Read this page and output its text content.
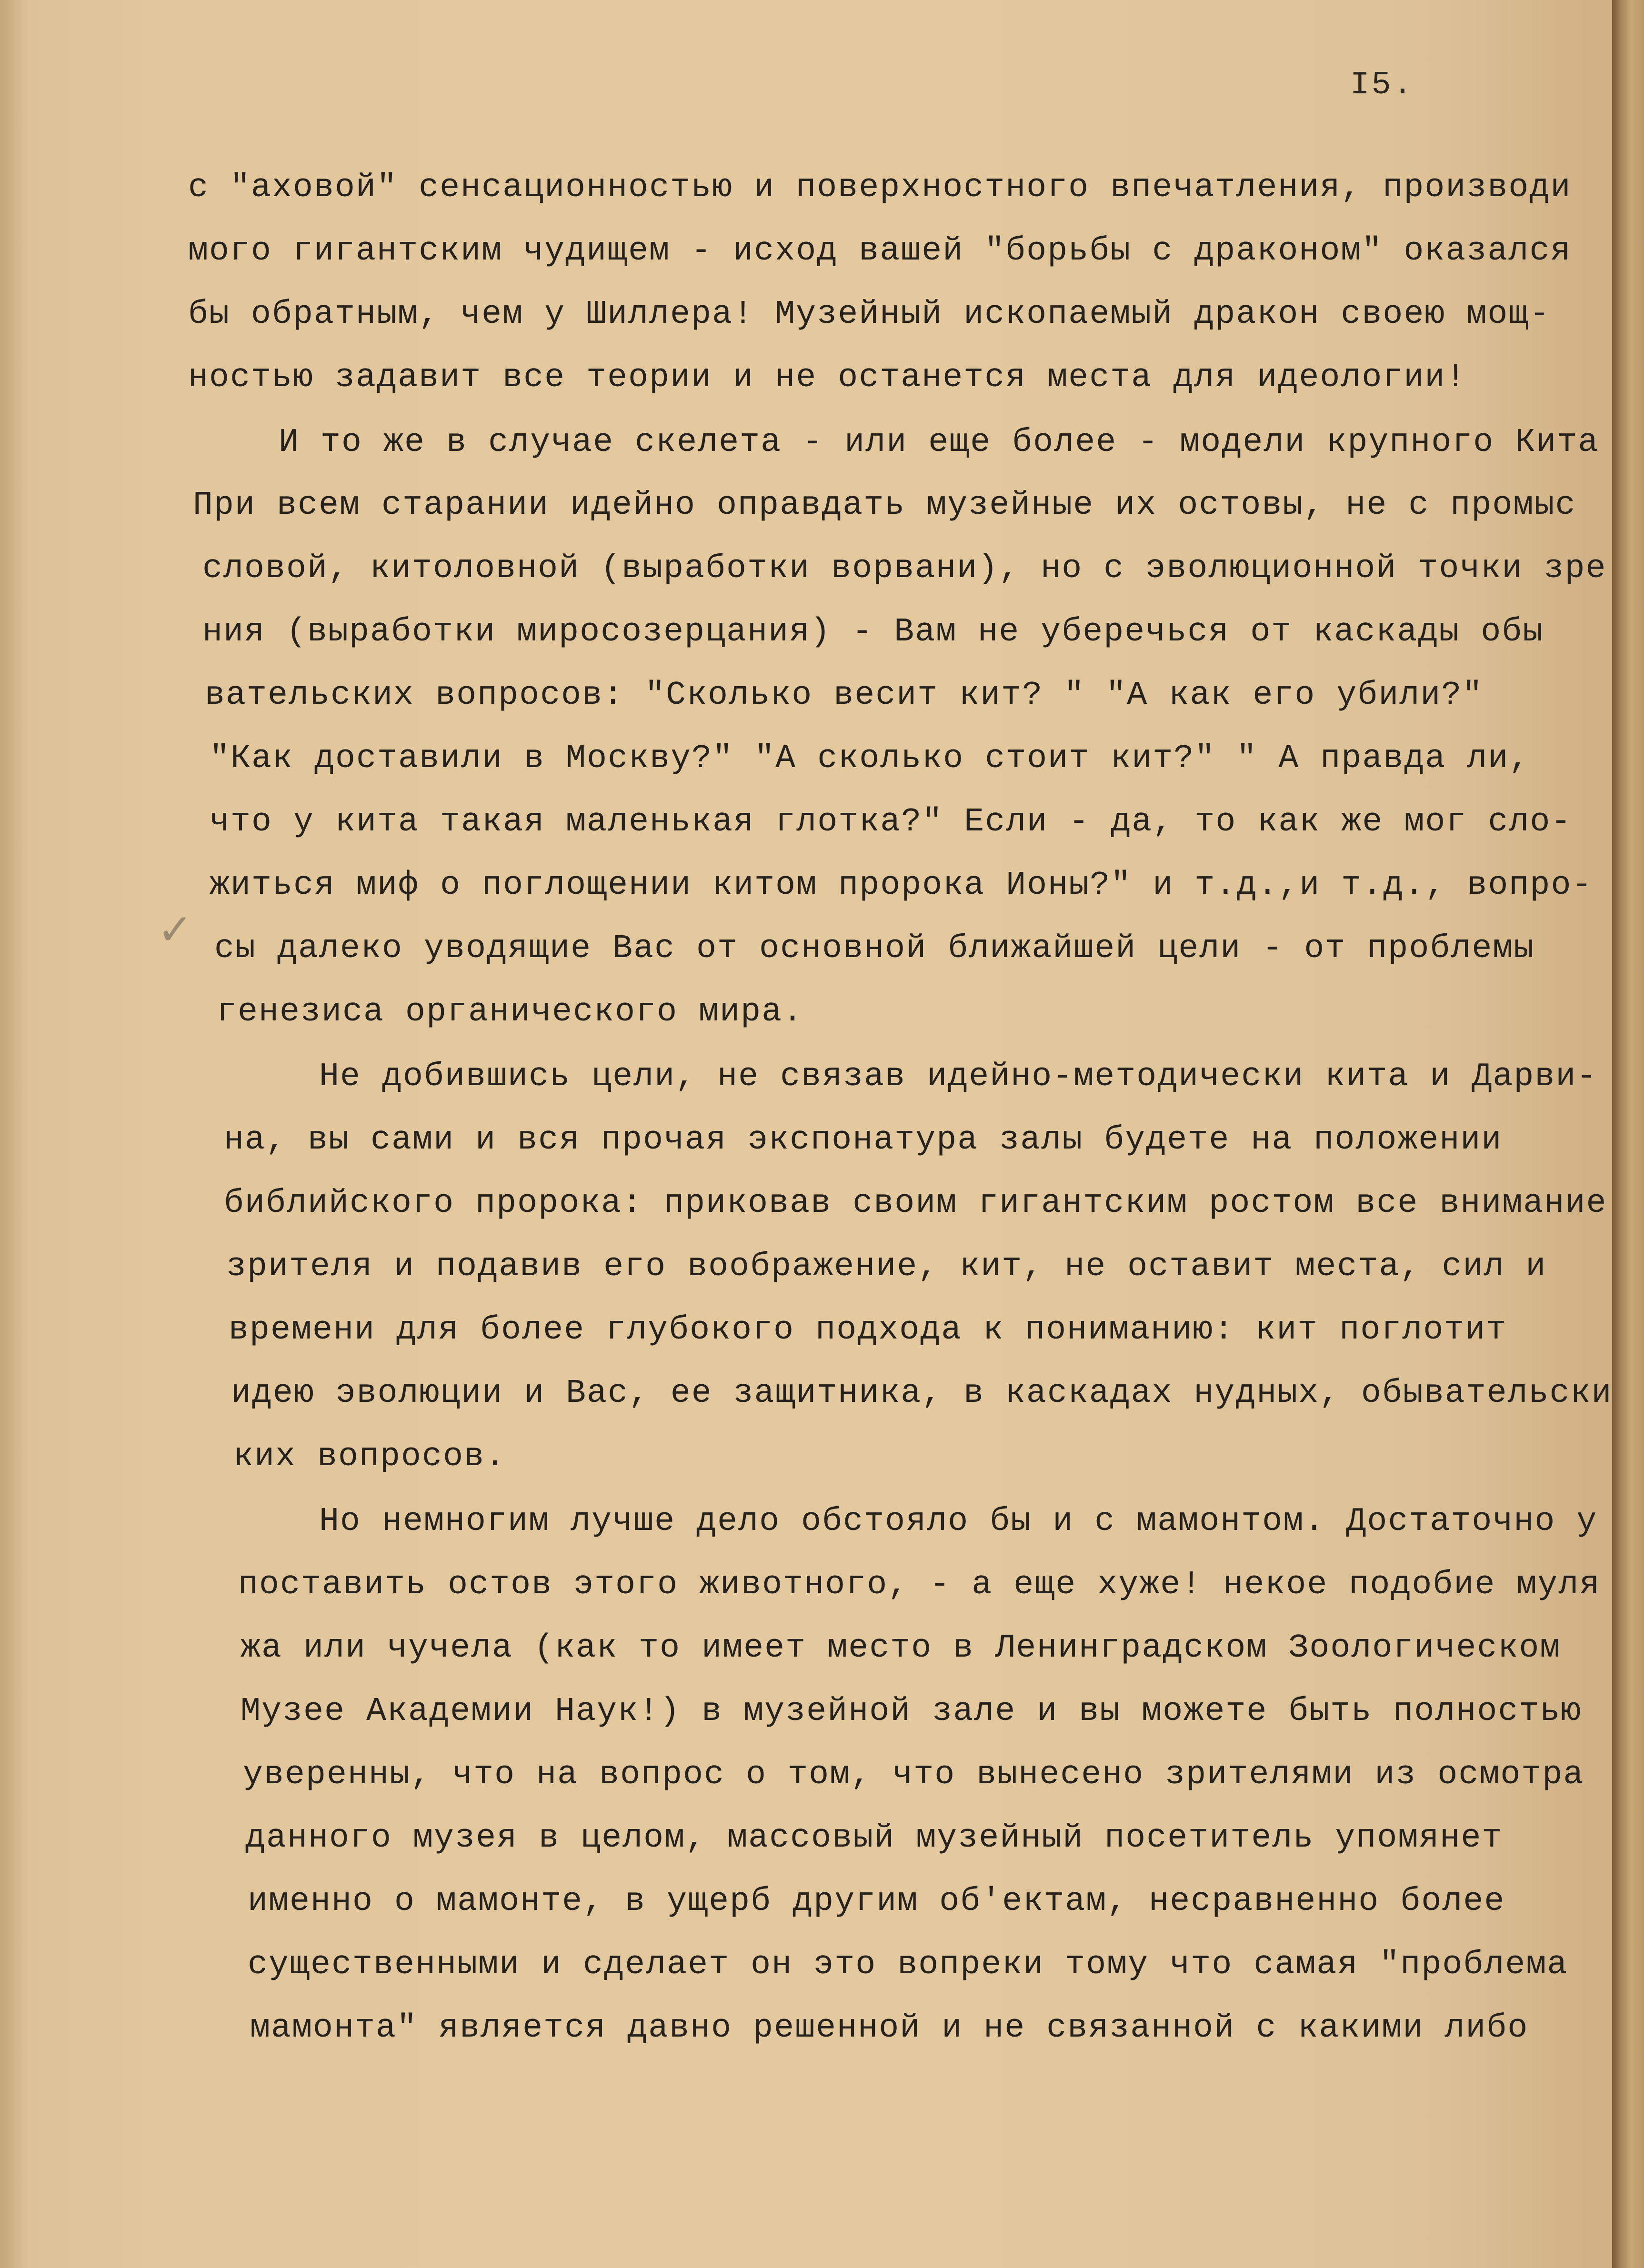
I5.
✓
с "аховой" сенсационностью и поверхностного впечатления, производи
мого гигантским чудищем - исход вашей "борьбы с драконом" оказался
бы обратным, чем у Шиллера! Музейный ископаемый дракон своею мощ-
ностью задавит все теории и не останется места для идеологии!
И то же в случае скелета - или еще более - модели крупного Кита
При всем старании идейно оправдать музейные их остовы, не с промыс
словой, китоловной (выработки ворвани), но с эволюционной точки зре
ния (выработки миросозерцания) - Вам не уберечься от каскады обы
вательских вопросов: "Сколько весит кит? " "А как его убили?"
"Как доставили в Москву?" "А сколько стоит кит?" " А правда ли,
что у кита такая маленькая глотка?" Если - да, то как же мог сло-
житься миф о поглощении китом пророка Ионы?" и т.д.,и т.д., вопро-
сы далеко уводящие Вас от основной ближайшей цели - от проблемы
генезиса органического мира.
Не добившись цели, не связав идейно-методически кита и Дарви-
на, вы сами и вся прочая экспонатура залы будете на положении
библийского пророка: приковав своим гигантским ростом все внимание
зрителя и подавив его воображение, кит, не оставит места, сил и
времени для более глубокого подхода к пониманию: кит поглотит
идею эволюции и Вас, ее защитника, в каскадах нудных, обывательски
ких вопросов.
Но немногим лучше дело обстояло бы и с мамонтом. Достаточно у
поставить остов этого животного, - а еще хуже! некое подобие муля
жа или чучела (как то имеет место в Ленинградском Зоологическом
Музее Академии Наук!) в музейной зале и вы можете быть полностью
уверенны, что на вопрос о том, что вынесено зрителями из осмотра
данного музея в целом, массовый музейный посетитель упомянет
именно о мамонте, в ущерб другим об'ектам, несравненно более
существенными и сделает он это вопреки тому что самая "проблема
мамонта" является давно решенной и не связанной с какими либо
